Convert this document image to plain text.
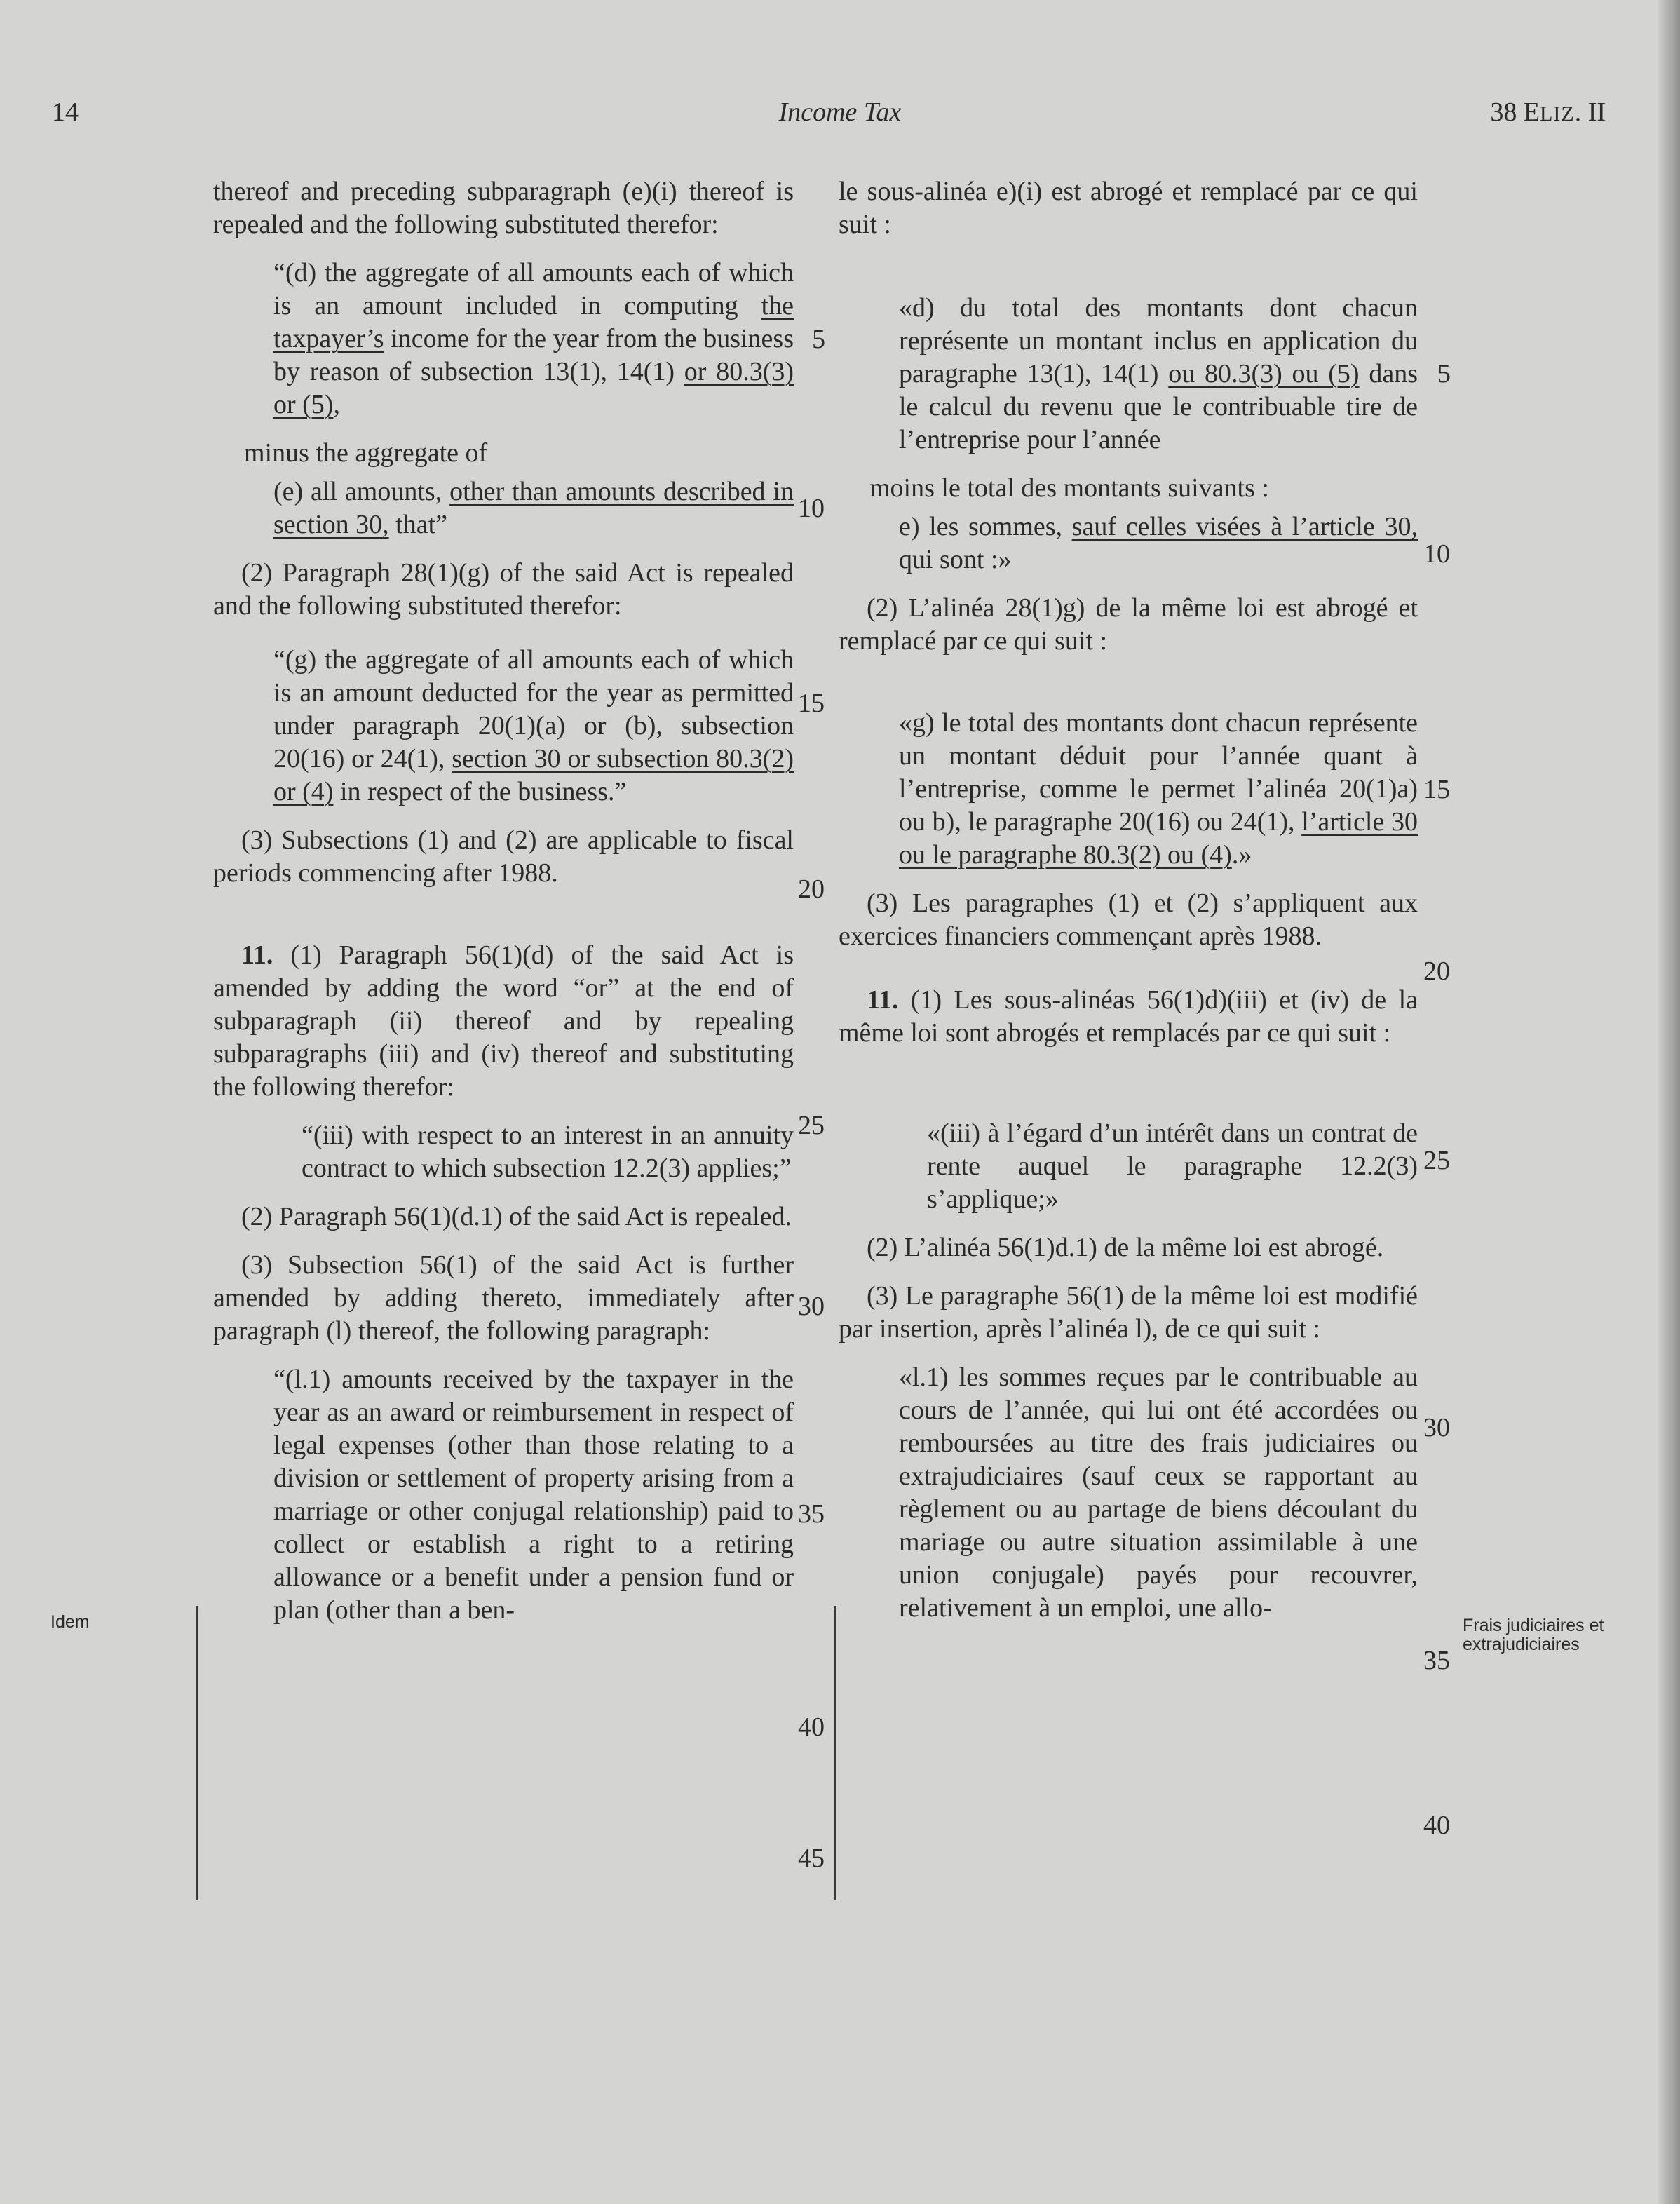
14	Income Tax	38 ELIZ. II

thereof and preceding subparagraph (e)(i) thereof is repealed and the following substituted therefor:

“(d) the aggregate of all amounts each of which is an amount included in computing the taxpayer’s income for the year from the business by reason of subsection 13(1), 14(1) or 80.3(3) or (5),

minus the aggregate of

(e) all amounts, other than amounts described in section 30, that”

(2) Paragraph 28(1)(g) of the said Act is repealed and the following substituted therefor:

“(g) the aggregate of all amounts each of which is an amount deducted for the year as permitted under paragraph 20(1)(a) or (b), subsection 20(16) or 24(1), section 30 or subsection 80.3(2) or (4) in respect of the business.”

(3) Subsections (1) and (2) are applicable to fiscal periods commencing after 1988.

11. (1) Paragraph 56(1)(d) of the said Act is amended by adding the word “or” at the end of subparagraph (ii) thereof and by repealing subparagraphs (iii) and (iv) thereof and substituting the following therefor:

“(iii) with respect to an interest in an annuity contract to which subsection 12.2(3) applies;”

(2) Paragraph 56(1)(d.1) of the said Act is repealed.

(3) Subsection 56(1) of the said Act is further amended by adding thereto, immediately after paragraph (l) thereof, the following paragraph:

“(l.1) amounts received by the taxpayer in the year as an award or reimbursement in respect of legal expenses (other than those relating to a division or settlement of property arising from a marriage or other conjugal relationship) paid to collect or establish a right to a retiring allowance or a benefit under a pension fund or plan (other than a ben-

le sous-alinéa e)(i) est abrogé et remplacé par ce qui suit :

«d) du total des montants dont chacun représente un montant inclus en application du paragraphe 13(1), 14(1) ou 80.3(3) ou (5) dans le calcul du revenu que le contribuable tire de l’entreprise pour l’année

moins le total des montants suivants :

e) les sommes, sauf celles visées à l’article 30, qui sont :»

(2) L’alinéa 28(1)g) de la même loi est abrogé et remplacé par ce qui suit :

«g) le total des montants dont chacun représente un montant déduit pour l’année quant à l’entreprise, comme le permet l’alinéa 20(1)a) ou b), le paragraphe 20(16) ou 24(1), l’article 30 ou le paragraphe 80.3(2) ou (4).»

(3) Les paragraphes (1) et (2) s’appliquent aux exercices financiers commençant après 1988.

11. (1) Les sous-alinéas 56(1)d)(iii) et (iv) de la même loi sont abrogés et remplacés par ce qui suit :

«(iii) à l’égard d’un intérêt dans un contrat de rente auquel le paragraphe 12.2(3) s’applique;»

(2) L’alinéa 56(1)d.1) de la même loi est abrogé.

(3) Le paragraphe 56(1) de la même loi est modifié par insertion, après l’alinéa l), de ce qui suit :

«l.1) les sommes reçues par le contribuable au cours de l’année, qui lui ont été accordées ou remboursées au titre des frais judiciaires ou extrajudiciaires (sauf ceux se rapportant au règlement ou au partage de biens découlant du mariage ou autre situation assimilable à une union conjugale) payés pour recouvrer, relativement à un emploi, une allo-

Idem	Frais judiciaires et extrajudiciaires
5
10
15
20
25
30
35
40
45
5
10
15
20
25
30
35
40
